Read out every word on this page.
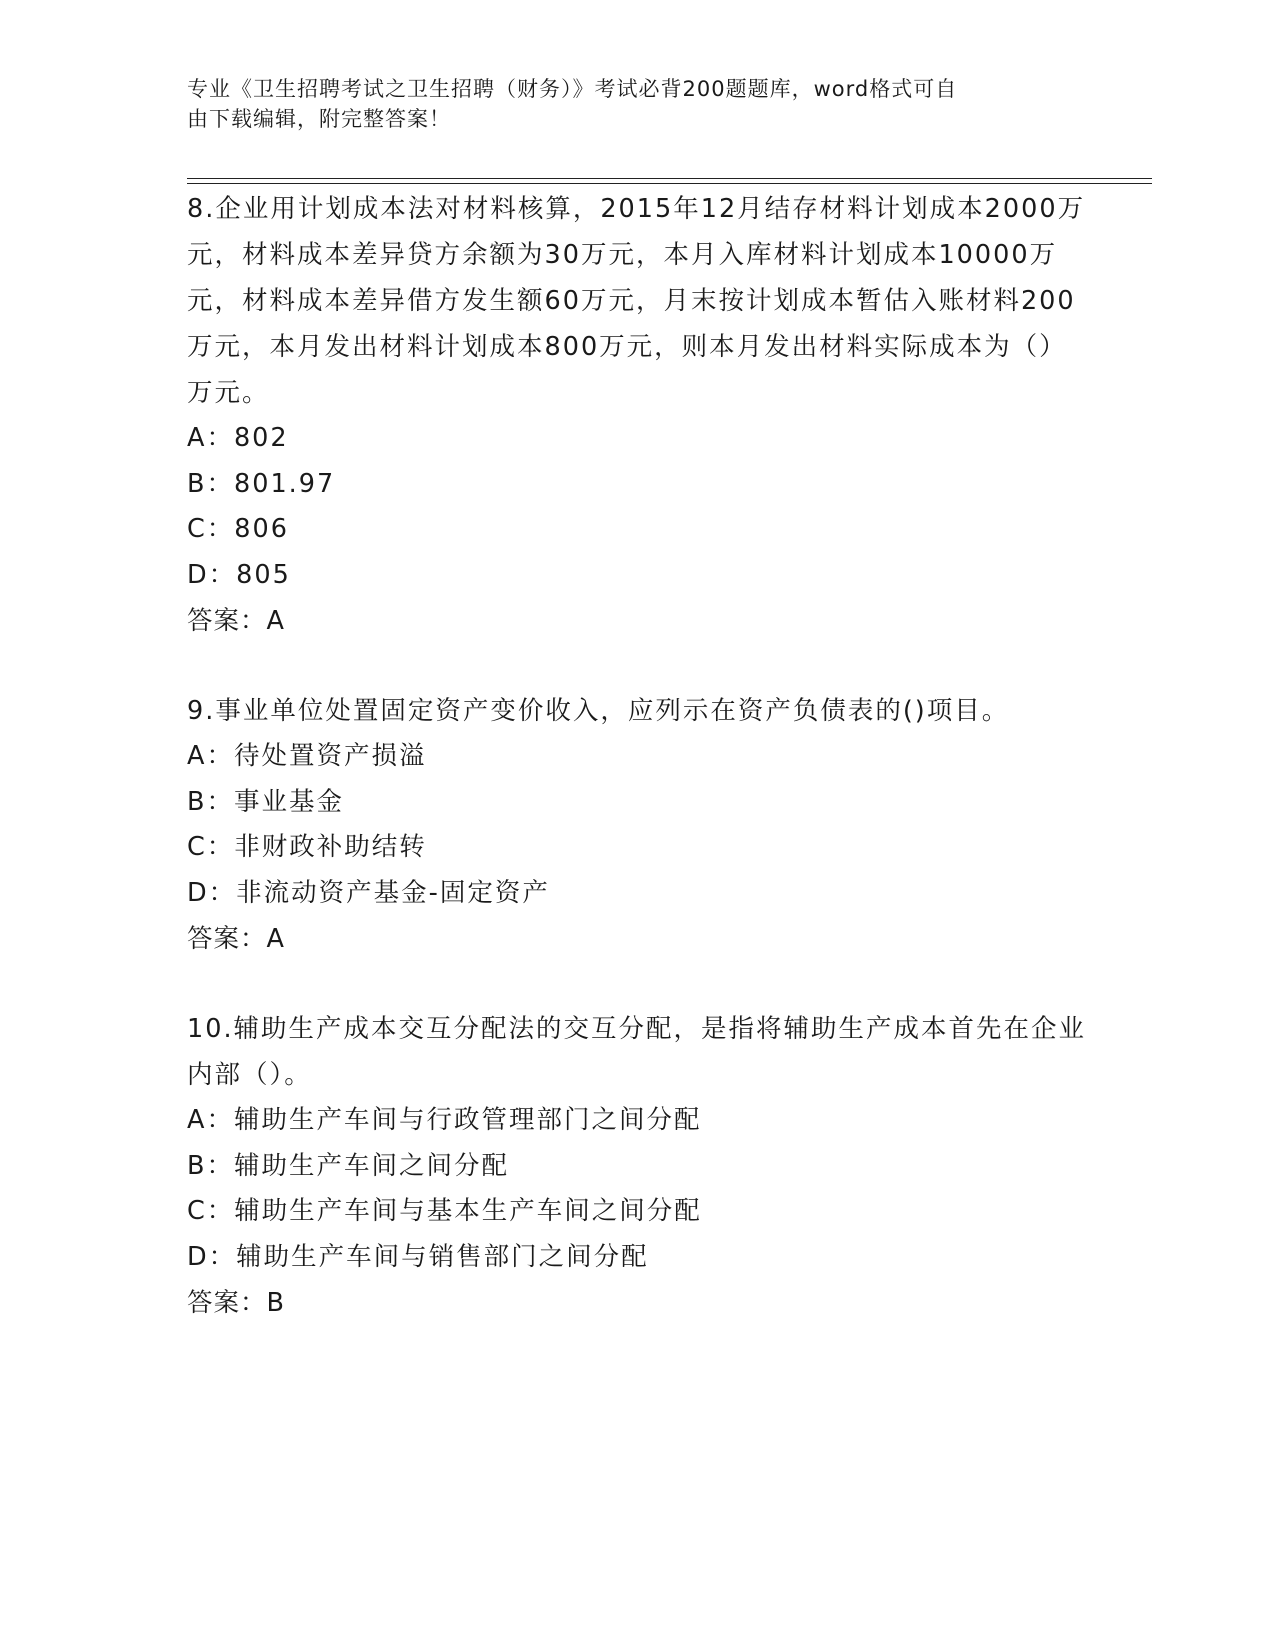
专业《卫生招聘考试之卫生招聘（财务）》考试必背200题题库，word格式可自
由下载编辑，附完整答案！

8.企业用计划成本法对材料核算，2015年12月结存材料计划成本2000万元，材料成本差异贷方余额为30万元，本月入库材料计划成本10000万元，材料成本差异借方发生额60万元，月末按计划成本暂估入账材料200万元，本月发出材料计划成本800万元，则本月发出材料实际成本为（）万元。

A：802

B：801.97

C：806

D：805

答案：A

9.事业单位处置固定资产变价收入，应列示在资产负债表的()项目。

A：待处置资产损溢

B：事业基金

C：非财政补助结转

D：非流动资产基金-固定资产

答案：A

10.辅助生产成本交互分配法的交互分配，是指将辅助生产成本首先在企业内部（）。

A：辅助生产车间与行政管理部门之间分配

B：辅助生产车间之间分配

C：辅助生产车间与基本生产车间之间分配

D：辅助生产车间与销售部门之间分配

答案：B
